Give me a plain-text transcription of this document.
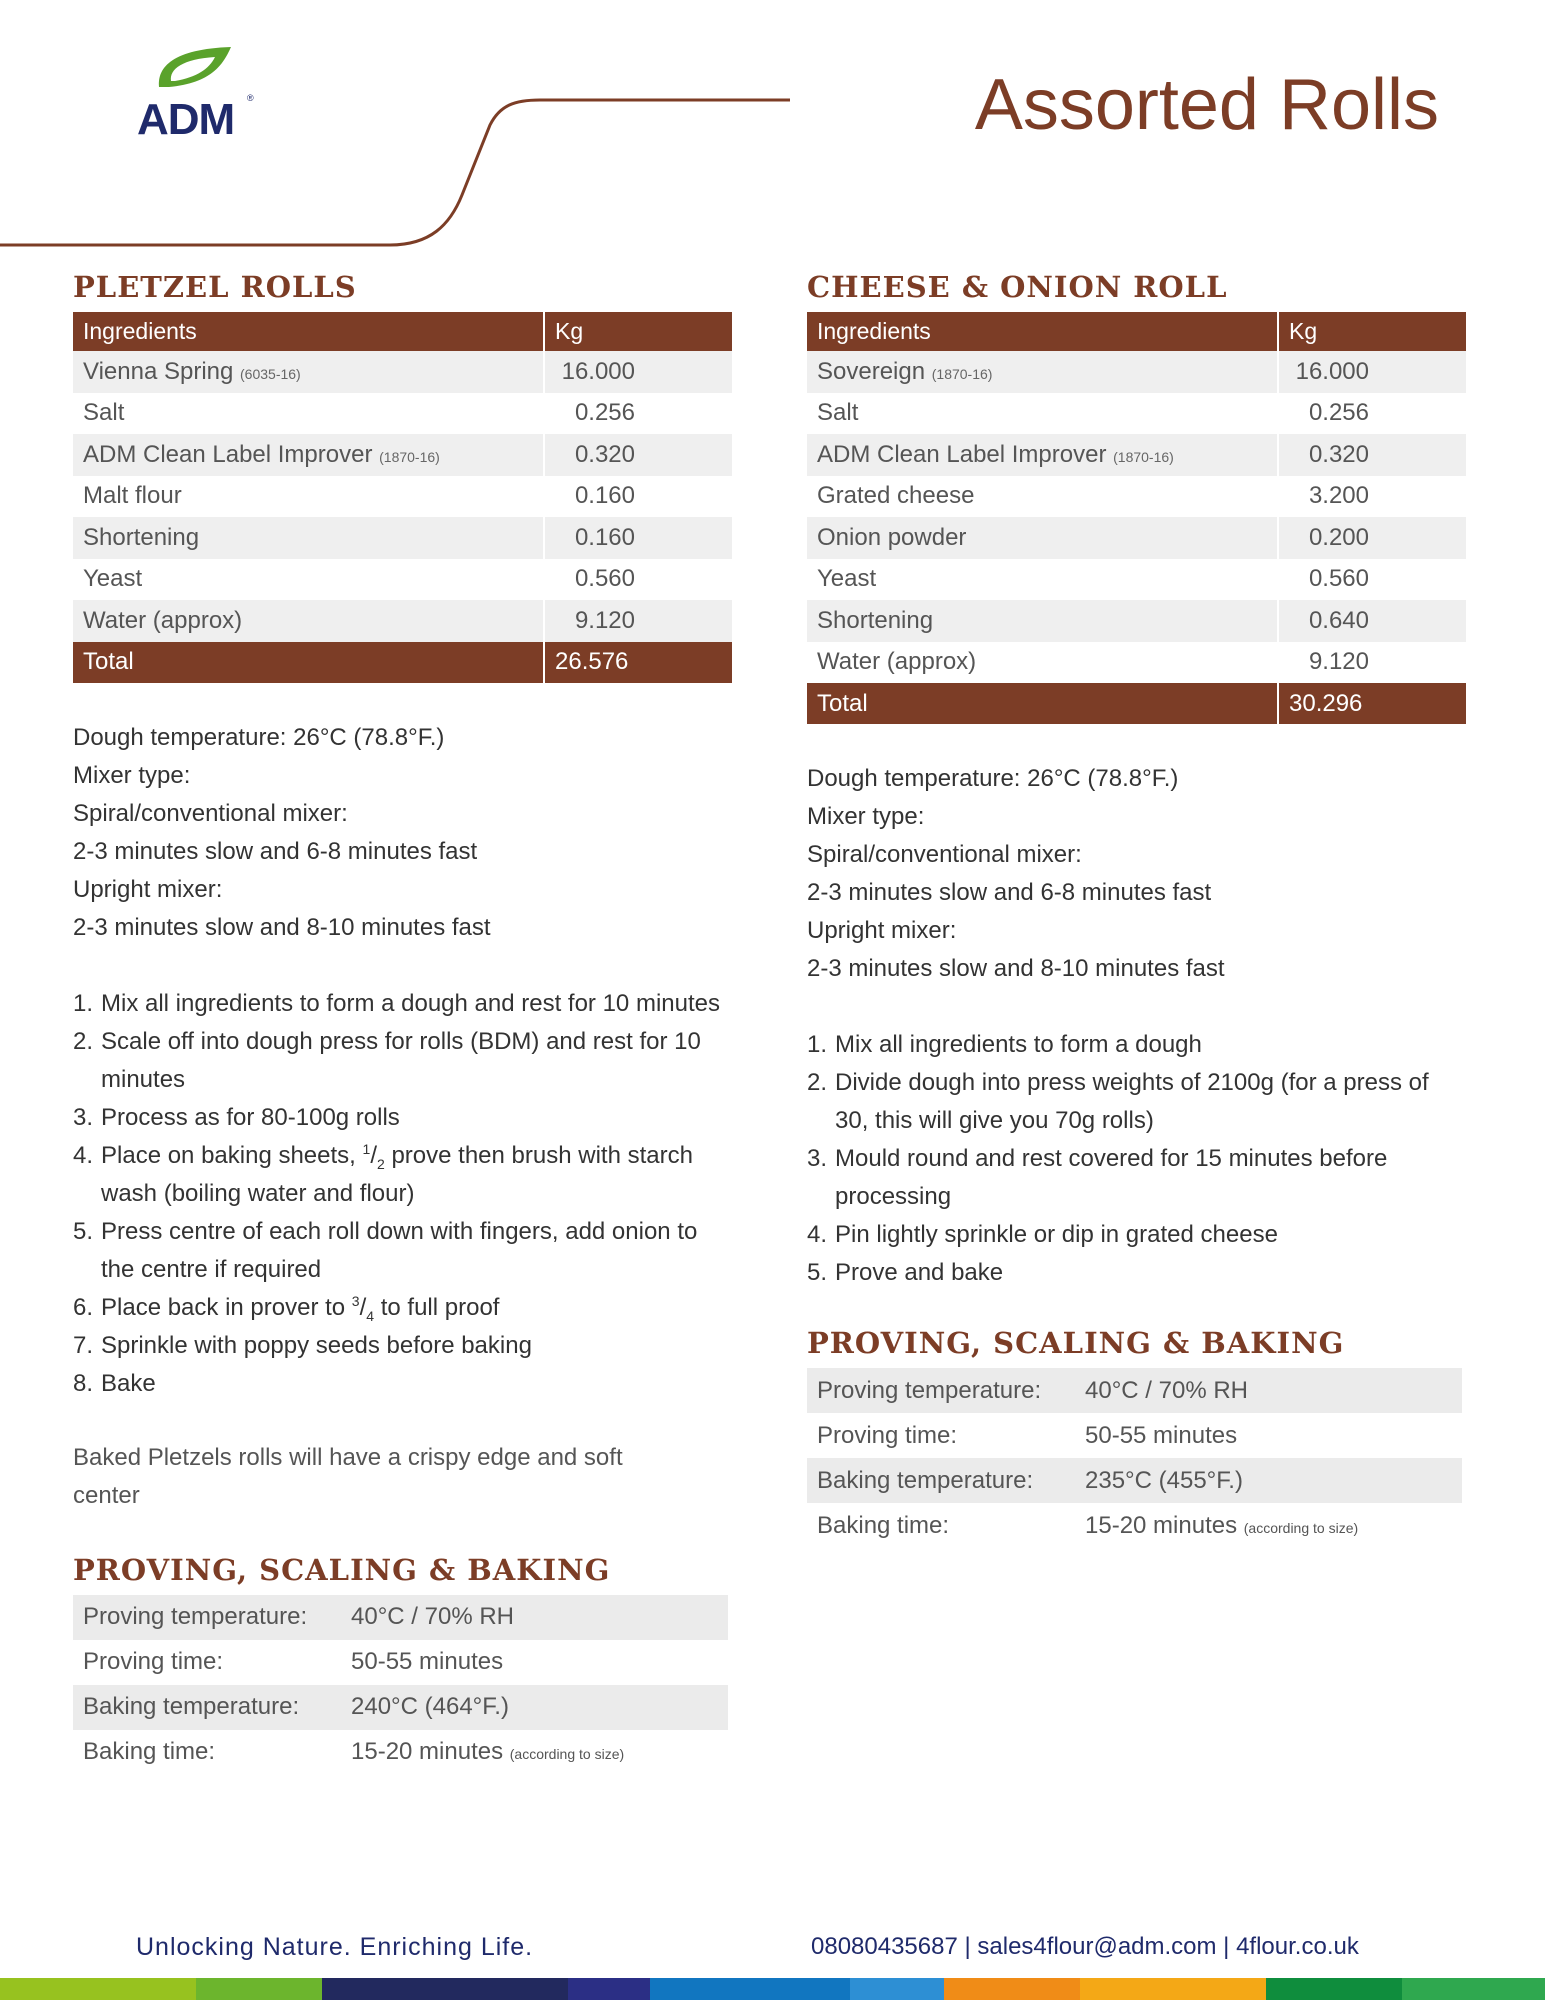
ADM ®	Assorted Rolls
PLETZEL ROLLS
Ingredients	Kg
Vienna Spring (6035-16)	16.000
Salt	0.256
ADM Clean Label Improver (1870-16)	0.320
Malt flour	0.160
Shortening	0.160
Yeast	0.560
Water (approx)	9.120
Total	26.576

Dough temperature: 26°C (78.8°F.)

Mixer type:

Spiral/conventional mixer:

2-3 minutes slow and 6-8 minutes fast

Upright mixer:

2-3 minutes slow and 8-10 minutes fast

1. Mix all ingredients to form a dough and rest for 10 minutes
2. Scale off into dough press for rolls (BDM) and rest for 10 minutes
3. Process as for 80-100g rolls
4. Place on baking sheets, $^1/_2$ prove then brush with starch wash (boiling water and flour)
5. Press centre of each roll down with fingers, add onion to the centre if required
6. Place back in prover to $^3/_4$ to full proof
7. Sprinkle with poppy seeds before baking
8. Bake
Baked Pletzels rolls will have a crispy edge and soft center
PROVING, SCALING & BAKING
Proving temperature:	40°C / 70% RH
Proving time:	50-55 minutes
Baking temperature:	240°C (464°F.)
Baking time:	15-20 minutes (according to size)
CHEESE & ONION ROLL
Ingredients	Kg
Sovereign (1870-16)	16.000
Salt	0.256
ADM Clean Label Improver (1870-16)	0.320
Grated cheese	3.200
Onion powder	0.200
Yeast	0.560
Shortening	0.640
Water (approx)	9.120
Total	30.296

Dough temperature: 26°C (78.8°F.)

Mixer type:

Spiral/conventional mixer:

2-3 minutes slow and 6-8 minutes fast

Upright mixer:

2-3 minutes slow and 8-10 minutes fast

1. Mix all ingredients to form a dough
2. Divide dough into press weights of 2100g (for a press of 30, this will give you 70g rolls)
3. Mould round and rest covered for 15 minutes before processing
4. Pin lightly sprinkle or dip in grated cheese
5. Prove and bake
PROVING, SCALING & BAKING
Proving temperature:	40°C / 70% RH
Proving time:	50-55 minutes
Baking temperature:	235°C (455°F.)
Baking time:	15-20 minutes (according to size)
Unlocking Nature. Enriching Life.	08080435687 | sales4flour@adm.com | 4flour.co.uk
